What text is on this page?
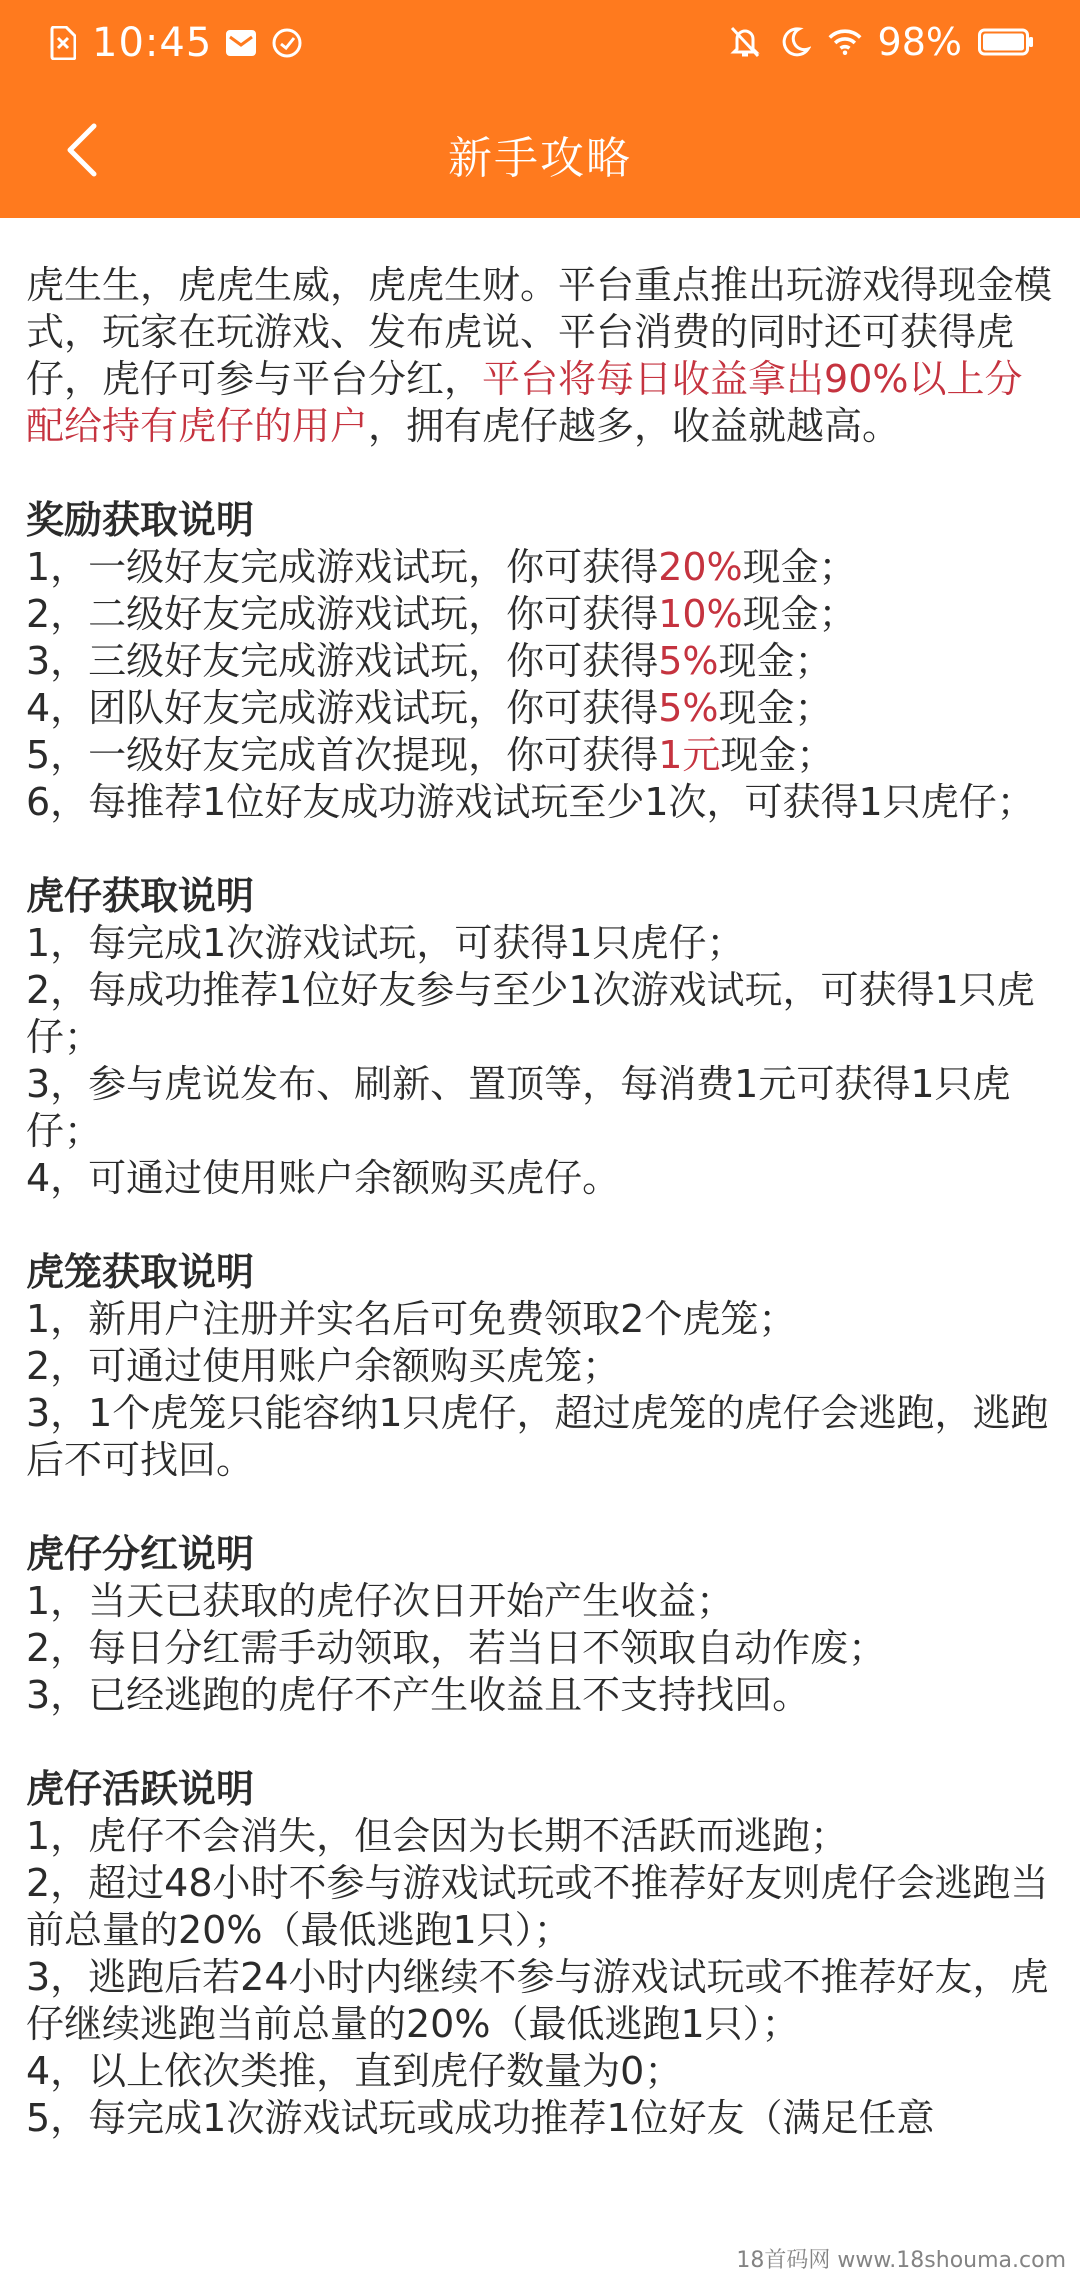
10:45	98%
新手攻略

虎生生，虎虎生威，虎虎生财。平台重点推出玩游戏得现金模式，玩家在玩游戏、发布虎说、平台消费的同时还可获得虎仔，虎仔可参与平台分红，平台将每日收益拿出90%以上分配给持有虎仔的用户，拥有虎仔越多，收益就越高。

奖励获取说明

1，一级好友完成游戏试玩，你可获得20%现金；

2，二级好友完成游戏试玩，你可获得10%现金；

3，三级好友完成游戏试玩，你可获得5%现金；

4，团队好友完成游戏试玩，你可获得5%现金；

5，一级好友完成首次提现，你可获得1元现金；

6，每推荐1位好友成功游戏试玩至少1次，可获得1只虎仔；

虎仔获取说明

1，每完成1次游戏试玩，可获得1只虎仔；

2，每成功推荐1位好友参与至少1次游戏试玩，可获得1只虎仔；

3，参与虎说发布、刷新、置顶等，每消费1元可获得1只虎仔；

4，可通过使用账户余额购买虎仔。

虎笼获取说明

1，新用户注册并实名后可免费领取2个虎笼；

2，可通过使用账户余额购买虎笼；

3，1个虎笼只能容纳1只虎仔，超过虎笼的虎仔会逃跑，逃跑后不可找回。

虎仔分红说明

1，当天已获取的虎仔次日开始产生收益；

2，每日分红需手动领取，若当日不领取自动作废；

3，已经逃跑的虎仔不产生收益且不支持找回。

虎仔活跃说明

1，虎仔不会消失，但会因为长期不活跃而逃跑；

2，超过48小时不参与游戏试玩或不推荐好友则虎仔会逃跑当前总量的20%（最低逃跑1只）；

3，逃跑后若24小时内继续不参与游戏试玩或不推荐好友，虎仔继续逃跑当前总量的20%（最低逃跑1只）；

4，以上依次类推，直到虎仔数量为0；

5，每完成1次游戏试玩或成功推荐1位好友（满足任意

18首码网 www.18shouma.com
